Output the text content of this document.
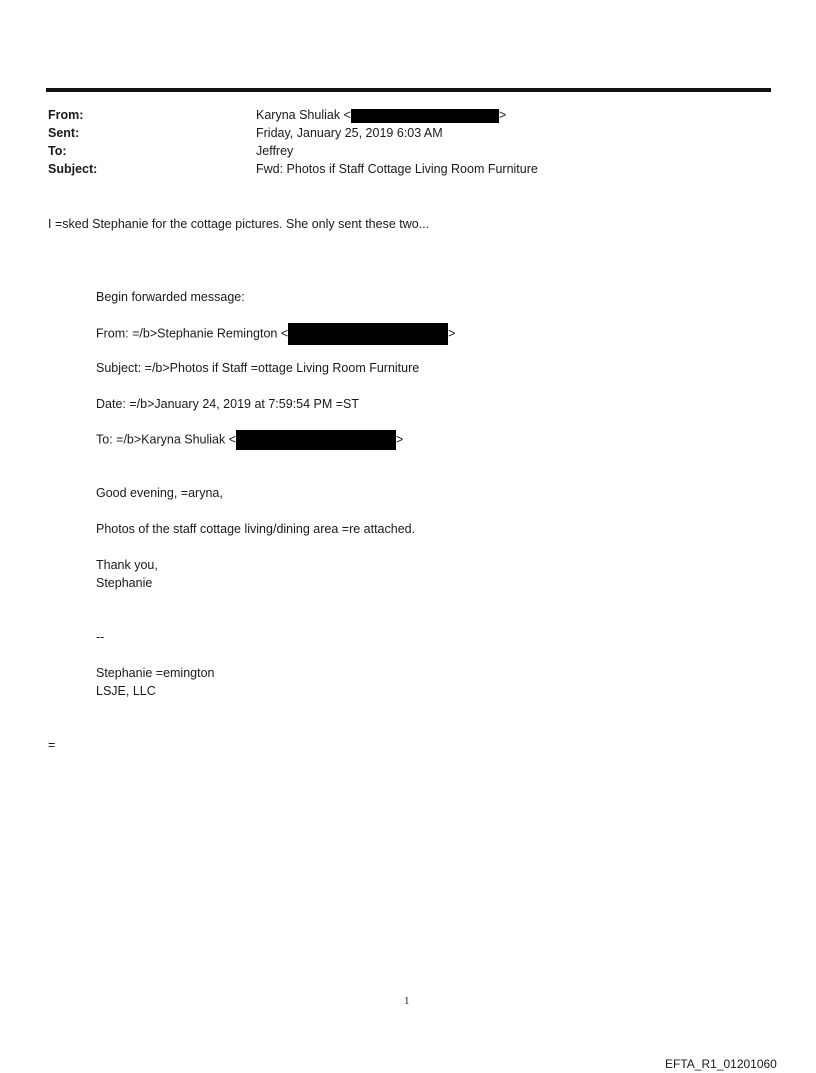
From:	Karyna Shuliak <	>
Sent:	Friday, January 25, 2019 6:03 AM
To:	Jeffrey
Subject:	Fwd: Photos if Staff Cottage Living Room Furniture
I =sked Stephanie for the cottage pictures. She only sent these two...
Begin forwarded message:
From: =/b>Stephanie Remington <	>
Subject: =/b>Photos if Staff =ottage Living Room Furniture
Date: =/b>January 24, 2019 at 7:59:54 PM =ST
To: =/b>Karyna Shuliak <	>
Good evening, =aryna,
Photos of the staff cottage living/dining area =re attached.
Thank you,
Stephanie
--
Stephanie =emington
LSJE, LLC
=
1
EFTA_R1_01201060
